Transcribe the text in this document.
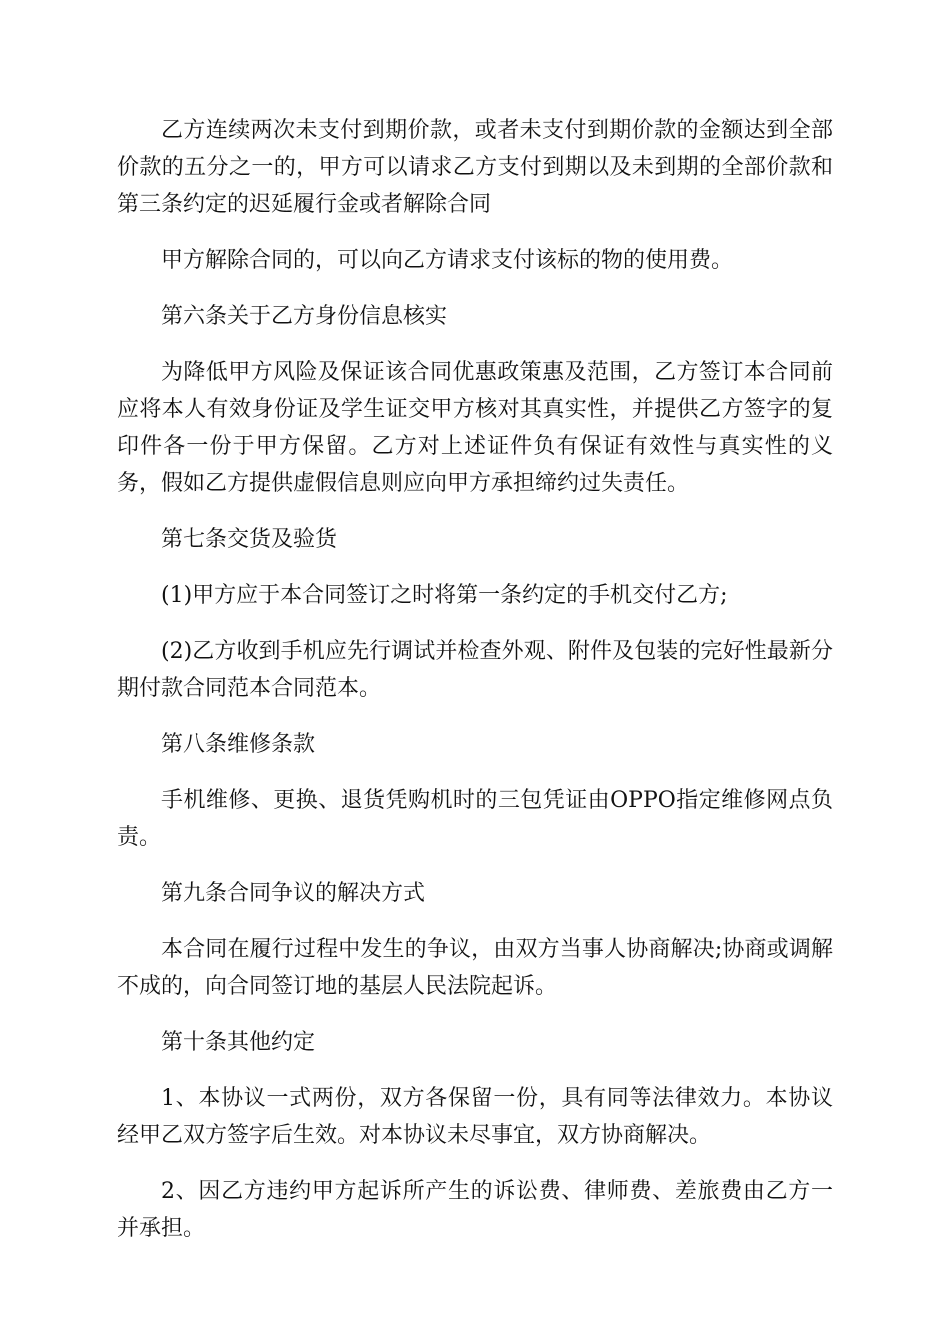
乙方连续两次未支付到期价款，或者未支付到期价款的金额达到全部价款的五分之一的，甲方可以请求乙方支付到期以及未到期的全部价款和第三条约定的迟延履行金或者解除合同

甲方解除合同的，可以向乙方请求支付该标的物的使用费。

第六条关于乙方身份信息核实

为降低甲方风险及保证该合同优惠政策惠及范围，乙方签订本合同前应将本人有效身份证及学生证交甲方核对其真实性，并提供乙方签字的复印件各一份于甲方保留。乙方对上述证件负有保证有效性与真实性的义务，假如乙方提供虚假信息则应向甲方承担缔约过失责任。

第七条交货及验货

(1)甲方应于本合同签订之时将第一条约定的手机交付乙方;

(2)乙方收到手机应先行调试并检查外观、附件及包装的完好性最新分期付款合同范本合同范本。

第八条维修条款

手机维修、更换、退货凭购机时的三包凭证由OPPO指定维修网点负责。

第九条合同争议的解决方式

本合同在履行过程中发生的争议，由双方当事人协商解决;协商或调解不成的，向合同签订地的基层人民法院起诉。

第十条其他约定

1、本协议一式两份，双方各保留一份，具有同等法律效力。本协议经甲乙双方签字后生效。对本协议未尽事宜，双方协商解决。

2、因乙方违约甲方起诉所产生的诉讼费、律师费、差旅费由乙方一并承担。
